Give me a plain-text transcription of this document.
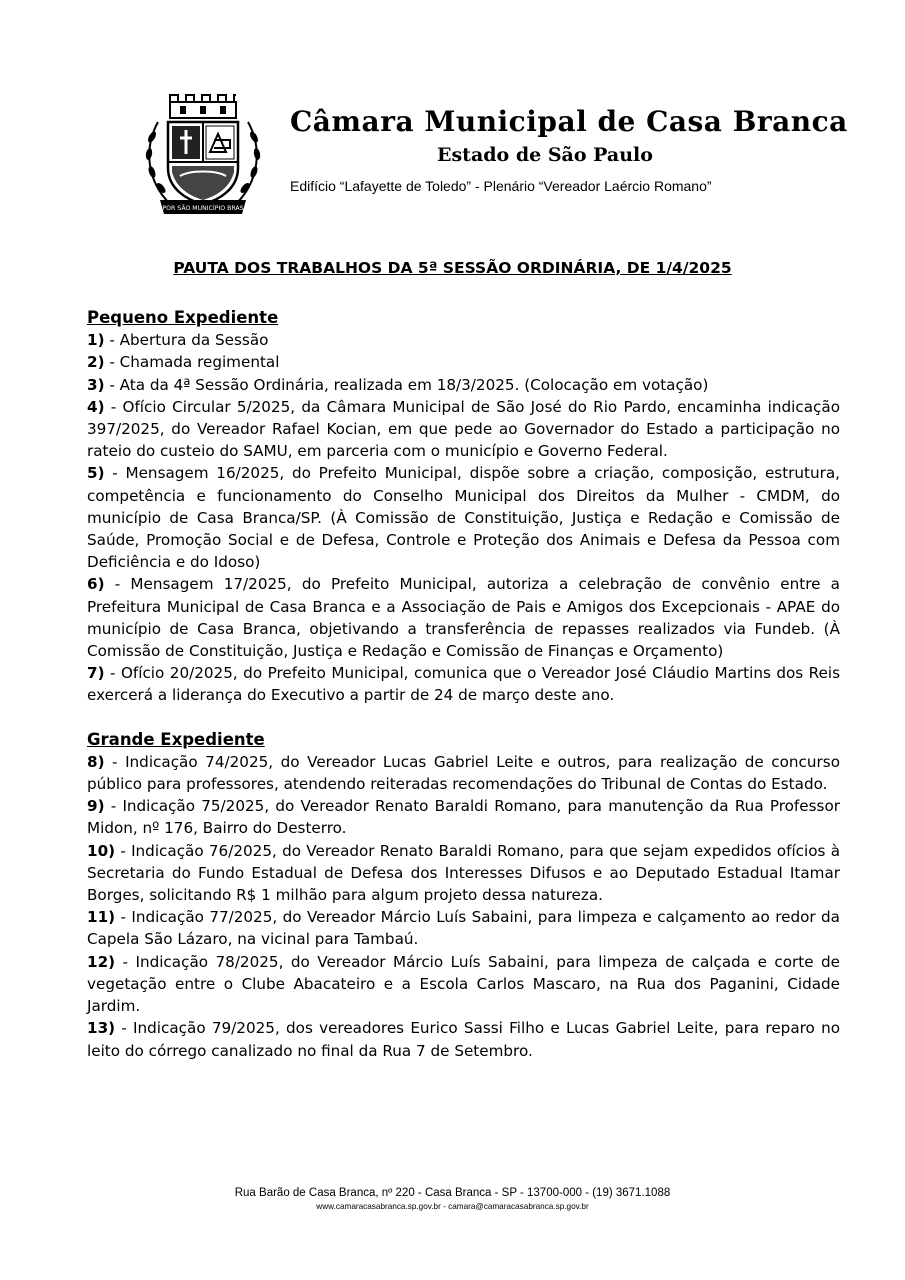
POR SÃO MUNICÍPIO BRAS
Câmara Municipal de Casa Branca
Estado de São Paulo
Edifício “Lafayette de Toledo” - Plenário “Vereador Laércio Romano”
PAUTA DOS TRABALHOS DA 5ª SESSÃO ORDINÁRIA, DE 1/4/2025

Pequeno Expediente

1) - Abertura da Sessão

2) - Chamada regimental

3) - Ata da 4ª Sessão Ordinária, realizada em 18/3/2025. (Colocação em votação)

4) - Ofício Circular 5/2025, da Câmara Municipal de São José do Rio Pardo, encaminha indicação 397/2025, do Vereador Rafael Kocian, em que pede ao Governador do Estado a participação no rateio do custeio do SAMU, em parceria com o município e Governo Federal.

5) - Mensagem 16/2025, do Prefeito Municipal, dispõe sobre a criação, composição, estrutura, competência e funcionamento do Conselho Municipal dos Direitos da Mulher - CMDM, do município de Casa Branca/SP. (À Comissão de Constituição, Justiça e Redação e Comissão de Saúde, Promoção Social e de Defesa, Controle e Proteção dos Animais e Defesa da Pessoa com Deficiência e do Idoso)

6) - Mensagem 17/2025, do Prefeito Municipal, autoriza a celebração de convênio entre a Prefeitura Municipal de Casa Branca e a Associação de Pais e Amigos dos Excepcionais - APAE do município de Casa Branca, objetivando a transferência de repasses realizados via Fundeb. (À Comissão de Constituição, Justiça e Redação e Comissão de Finanças e Orçamento)

7) - Ofício 20/2025, do Prefeito Municipal, comunica que o Vereador José Cláudio Martins dos Reis exercerá a liderança do Executivo a partir de 24 de março deste ano.

Grande Expediente

8) - Indicação 74/2025, do Vereador Lucas Gabriel Leite e outros, para realização de concurso público para professores, atendendo reiteradas recomendações do Tribunal de Contas do Estado.

9) - Indicação 75/2025, do Vereador Renato Baraldi Romano, para manutenção da Rua Professor Midon, nº 176, Bairro do Desterro.

10) - Indicação 76/2025, do Vereador Renato Baraldi Romano, para que sejam expedidos ofícios à Secretaria do Fundo Estadual de Defesa dos Interesses Difusos e ao Deputado Estadual Itamar Borges, solicitando R$ 1 milhão para algum projeto dessa natureza.

11) - Indicação 77/2025, do Vereador Márcio Luís Sabaini, para limpeza e calçamento ao redor da Capela São Lázaro, na vicinal para Tambaú.

12) - Indicação 78/2025, do Vereador Márcio Luís Sabaini, para limpeza de calçada e corte de vegetação entre o Clube Abacateiro e a Escola Carlos Mascaro, na Rua dos Paganini, Cidade Jardim.

13) - Indicação 79/2025, dos vereadores Eurico Sassi Filho e Lucas Gabriel Leite, para reparo no leito do córrego canalizado no final da Rua 7 de Setembro.

Rua Barão de Casa Branca, nº 220 - Casa Branca - SP - 13700-000 - (19) 3671.1088
www.camaracasabranca.sp.gov.br - camara@camaracasabranca.sp.gov.br
